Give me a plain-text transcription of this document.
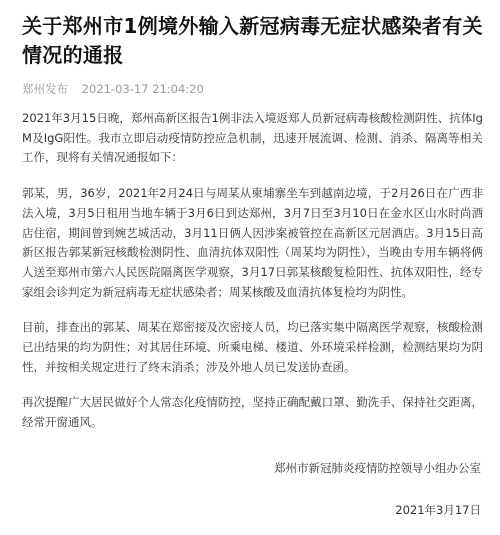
关于郑州市1例境外输入新冠病毒无症状感染者有关情况的通报
郑州发布 2021-03-17 21:04:20

2021年3月15日晚，郑州高新区报告1例非法入境返郑人员新冠病毒核酸检测阴性、抗体IgM及IgG阳性。我市立即启动疫情防控应急机制，迅速开展流调、检测、消杀、隔离等相关工作，现将有关情况通报如下：

郭某，男，36岁，2021年2月24日与周某从柬埔寨坐车到越南边境，于2月26日在广西非法入境，3月5日租用当地车辆于3月6日到达郑州，3月7日至3月10日在金水区山水时尚酒店住宿，期间曾到婉艺城活动，3月11日俩人因涉案被管控在高新区元居酒店。3月15日高新区报告郭某新冠核酸检测阴性、血清抗体双阳性（周某均为阴性），当晚由专用车辆将俩人送至郑州市第六人民医院隔离医学观察，3月17日郭某核酸复检阳性、抗体双阳性，经专家组会诊判定为新冠病毒无症状感染者；周某核酸及血清抗体复检均为阴性。

目前，排查出的郭某、周某在郑密接及次密接人员，均已落实集中隔离医学观察，核酸检测已出结果的均为阴性；对其居住环境、所乘电梯、楼道、外环境采样检测，检测结果均为阴性，并按相关规定进行了终末消杀；涉及外地人员已发送协查函。

再次提醒广大居民做好个人常态化疫情防控，坚持正确配戴口罩、勤洗手、保持社交距离，经常开窗通风。

郑州市新冠肺炎疫情防控领导小组办公室
2021年3月17日
